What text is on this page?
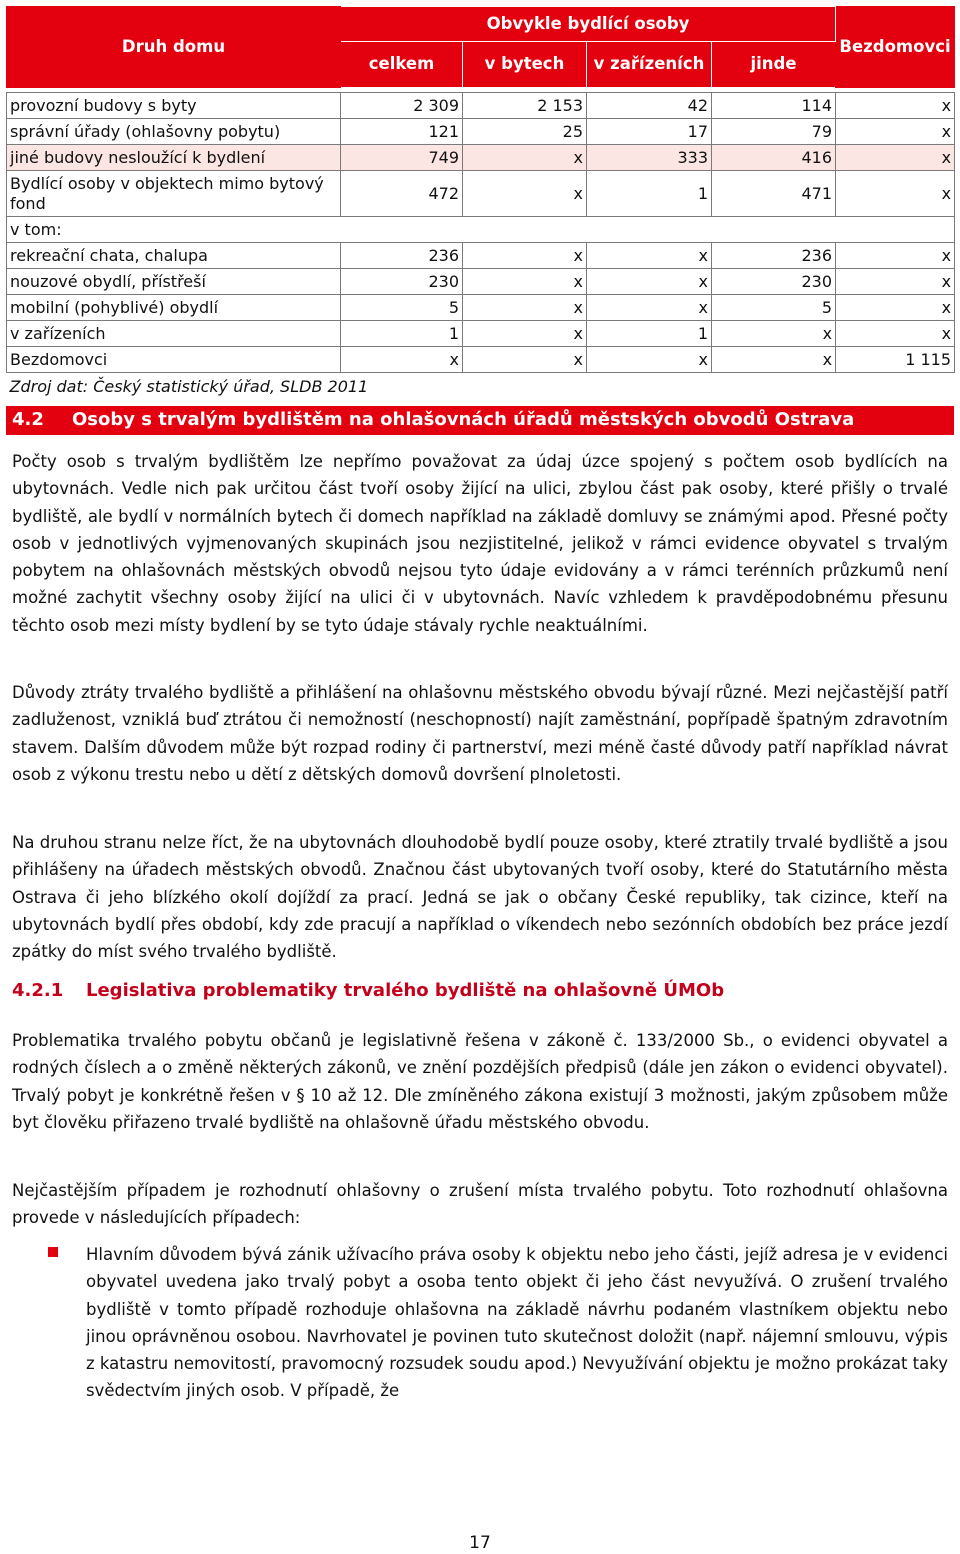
Druh domu	Obvykle bydlící osoby				Bezdomovci
	celkem	v bytech	v zařízeních	jinde	

provozní budovy s byty	2 309	2 153	42	114	x
správní úřady (ohlašovny pobytu)	121	25	17	79	x
jiné budovy nesloužící k bydlení	749	x	333	416	x
Bydlící osoby v objektech mimo bytový fond	472	x	1	471	x
v tom:					
rekreační chata, chalupa	236	x	x	236	x
nouzové obydlí, přístřeší	230	x	x	230	x
mobilní (pohyblivé) obydlí	5	x	x	5	x
v zařízeních	1	x	1	x	x
Bezdomovci	x	x	x	x	1 115
Zdroj dat: Český statistický úřad, SLDB 2011					
4.2 Osoby s trvalým bydlištěm na ohlašovnách úřadů městských obvodů Ostrava

Počty osob s trvalým bydlištěm lze nepřímo považovat za údaj úzce spojený s počtem osob bydlících na ubytovnách. Vedle nich pak určitou část tvoří osoby žijící na ulici, zbylou část pak osoby, které přišly o trvalé bydliště, ale bydlí v normálních bytech či domech například na základě domluvy se známými apod. Přesné počty osob v jednotlivých vyjmenovaných skupinách jsou nezjistitelné, jelikož v rámci evidence obyvatel s trvalým pobytem na ohlašovnách městských obvodů nejsou tyto údaje evidovány a v rámci terénních průzkumů není možné zachytit všechny osoby žijící na ulici či v ubytovnách. Navíc vzhledem k pravděpodobnému přesunu těchto osob mezi místy bydlení by se tyto údaje stávaly rychle neaktuálními.

Důvody ztráty trvalého bydliště a přihlášení na ohlašovnu městského obvodu bývají různé. Mezi nejčastější patří zadluženost, vzniklá buď ztrátou či nemožností (neschopností) najít zaměstnání, popřípadě špatným zdravotním stavem. Dalším důvodem může být rozpad rodiny či partnerství, mezi méně časté důvody patří například návrat osob z výkonu trestu nebo u dětí z dětských domovů dovršení plnoletosti.

Na druhou stranu nelze říct, že na ubytovnách dlouhodobě bydlí pouze osoby, které ztratily trvalé bydliště a jsou přihlášeny na úřadech městských obvodů. Značnou část ubytovaných tvoří osoby, které do Statutárního města Ostrava či jeho blízkého okolí dojíždí za prací. Jedná se jak o občany České republiky, tak cizince, kteří na ubytovnách bydlí přes období, kdy zde pracují a například o víkendech nebo sezónních obdobích bez práce jezdí zpátky do míst svého trvalého bydliště.

4.2.1 Legislativa problematiky trvalého bydliště na ohlašovně ÚMOb

Problematika trvalého pobytu občanů je legislativně řešena v zákoně č. 133/2000 Sb., o evidenci obyvatel a rodných číslech a o změně některých zákonů, ve znění pozdějších předpisů (dále jen zákon o evidenci obyvatel). Trvalý pobyt je konkrétně řešen v § 10 až 12. Dle zmíněného zákona existují 3 možnosti, jakým způsobem může byt člověku přiřazeno trvalé bydliště na ohlašovně úřadu městského obvodu.

Nejčastějším případem je rozhodnutí ohlašovny o zrušení místa trvalého pobytu. Toto rozhodnutí ohlašovna provede v následujících případech:

Hlavním důvodem bývá zánik užívacího práva osoby k objektu nebo jeho části, jejíž adresa je v evidenci obyvatel uvedena jako trvalý pobyt a osoba tento objekt či jeho část nevyužívá. O zrušení trvalého bydliště v tomto případě rozhoduje ohlašovna na základě návrhu podaném vlastníkem objektu nebo jinou oprávněnou osobou. Navrhovatel je povinen tuto skutečnost doložit (např. nájemní smlouvu, výpis z katastru nemovitostí, pravomocný rozsudek soudu apod.) Nevyužívání objektu je možno prokázat taky svědectvím jiných osob. V případě, že

17
